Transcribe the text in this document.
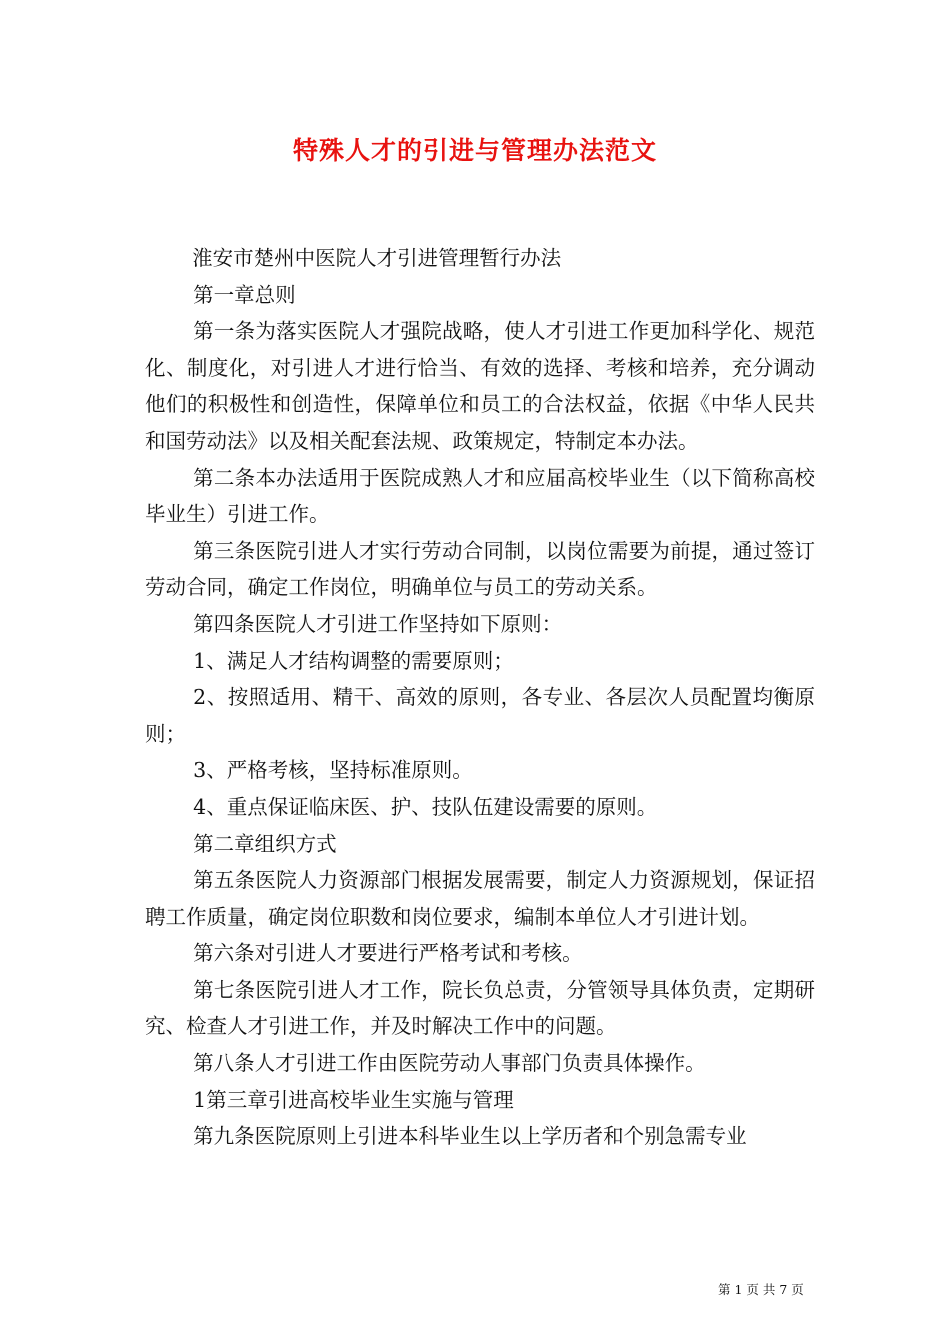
特殊人才的引进与管理办法范文

淮安市楚州中医院人才引进管理暂行办法

第一章总则

第一条为落实医院人才强院战略，使人才引进工作更加科学化、规范化、制度化，对引进人才进行恰当、有效的选择、考核和培养，充分调动他们的积极性和创造性，保障单位和员工的合法权益，依据《中华人民共和国劳动法》以及相关配套法规、政策规定，特制定本办法。

第二条本办法适用于医院成熟人才和应届高校毕业生（以下简称高校毕业生）引进工作。

第三条医院引进人才实行劳动合同制，以岗位需要为前提，通过签订劳动合同，确定工作岗位，明确单位与员工的劳动关系。

第四条医院人才引进工作坚持如下原则：

1、满足人才结构调整的需要原则；

2、按照适用、精干、高效的原则，各专业、各层次人员配置均衡原则；

3、严格考核，坚持标准原则。

4、重点保证临床医、护、技队伍建设需要的原则。

第二章组织方式

第五条医院人力资源部门根据发展需要，制定人力资源规划，保证招聘工作质量，确定岗位职数和岗位要求，编制本单位人才引进计划。

第六条对引进人才要进行严格考试和考核。

第七条医院引进人才工作，院长负总责，分管领导具体负责，定期研究、检查人才引进工作，并及时解决工作中的问题。

第八条人才引进工作由医院劳动人事部门负责具体操作。

1第三章引进高校毕业生实施与管理

第九条医院原则上引进本科毕业生以上学历者和个别急需专业

第 1 页 共 7 页
